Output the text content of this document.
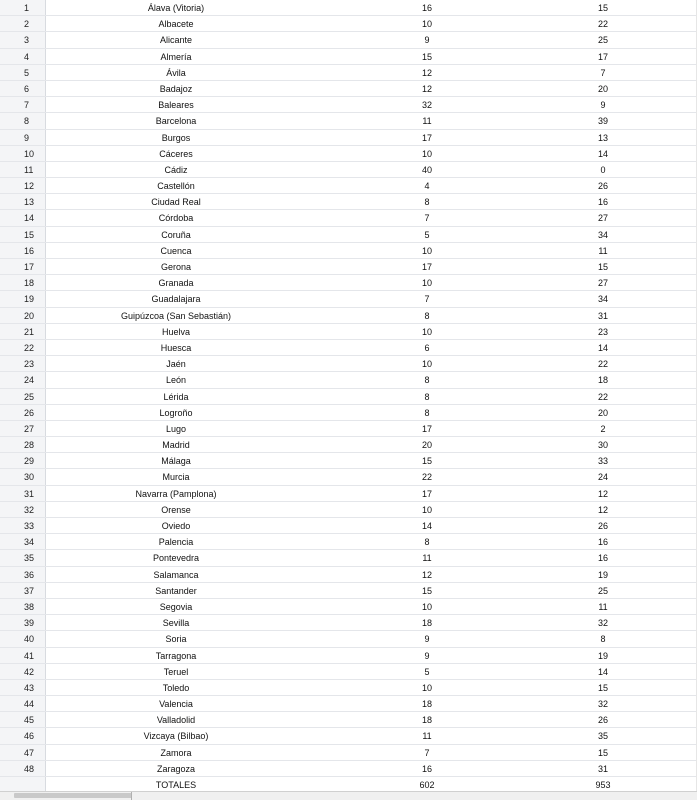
1	Álava (Vitoria)	16	15
2	Albacete	10	22
3	Alicante	9	25
4	Almería	15	17
5	Ávila	12	7
6	Badajoz	12	20
7	Baleares	32	9
8	Barcelona	11	39
9	Burgos	17	13
10	Cáceres	10	14
11	Cádiz	40	0
12	Castellón	4	26
13	Ciudad Real	8	16
14	Córdoba	7	27
15	Coruña	5	34
16	Cuenca	10	11
17	Gerona	17	15
18	Granada	10	27
19	Guadalajara	7	34
20	Guipúzcoa (San Sebastián)	8	31
21	Huelva	10	23
22	Huesca	6	14
23	Jaén	10	22
24	León	8	18
25	Lérida	8	22
26	Logroño	8	20
27	Lugo	17	2
28	Madrid	20	30
29	Málaga	15	33
30	Murcia	22	24
31	Navarra (Pamplona)	17	12
32	Orense	10	12
33	Oviedo	14	26
34	Palencia	8	16
35	Pontevedra	11	16
36	Salamanca	12	19
37	Santander	15	25
38	Segovia	10	11
39	Sevilla	18	32
40	Soria	9	8
41	Tarragona	9	19
42	Teruel	5	14
43	Toledo	10	15
44	Valencia	18	32
45	Valladolid	18	26
46	Vizcaya (Bilbao)	11	35
47	Zamora	7	15
48	Zaragoza	16	31
TOTALES	602	953
